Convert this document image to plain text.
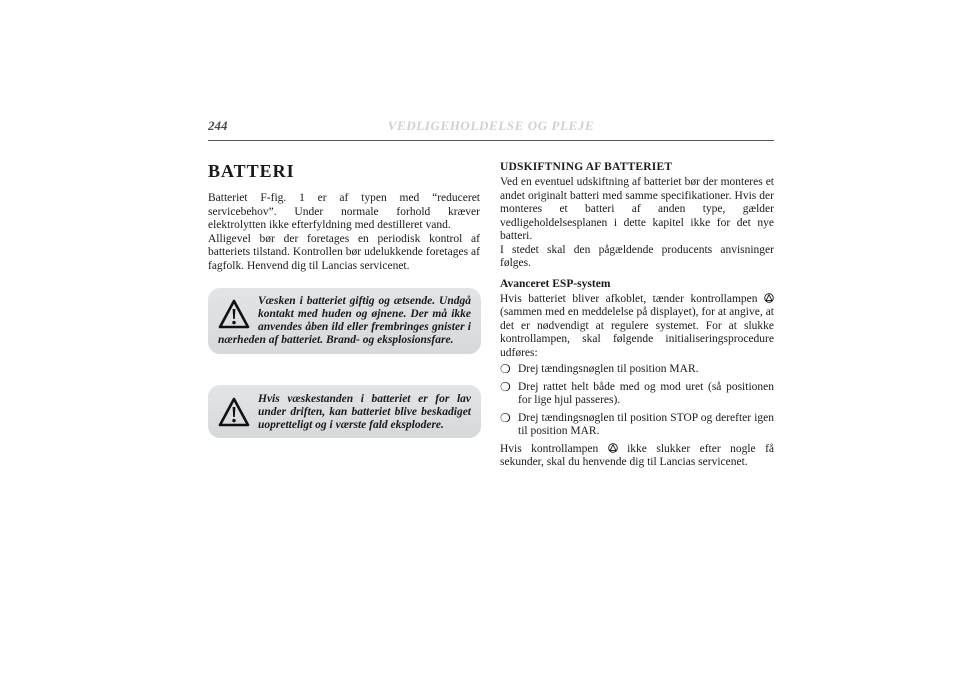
244	VEDLIGEHOLDELSE OG PLEJE
BATTERI

Batteriet F-fig. 1 er af typen med “reduceret servicebehov”. Under normale forhold kræver elektrolytten ikke efterfyldning med destilleret vand.

Alligevel bør der foretages en periodisk kontrol af batteriets tilstand. Kontrollen bør udelukkende foretages af fagfolk. Henvend dig til Lancias servicenet.

Væsken i batteriet giftig og ætsende. Undgå kontakt med huden og øjnene. Der må ikke anvendes åben ild eller frembringes gnister i nærheden af batteriet. Brand- og eksplosionsfare.

Hvis væskestanden i batteriet er for lav under driften, kan batteriet blive beskadiget uopretteligt og i værste fald eksplodere.

UDSKIFTNING AF BATTERIET

Ved en eventuel udskiftning af batteriet bør der monteres et andet originalt batteri med samme specifikationer. Hvis der monteres et batteri af anden type, gælder vedligeholdelsesplanen i dette kapitel ikke for det nye batteri.

I stedet skal den pågældende producents anvisninger følges.

Avanceret ESP-system

Hvis batteriet bliver afkoblet, tænder kontrollampen  (sammen med en meddelelse på displayet), for at angive, at det er nødvendigt at regulere systemet. For at slukke kontrollampen, skal følgende initialiseringsprocedure udføres:

❍ Drej tændingsnøglen til position MAR.
❍ Drej rattet helt både med og mod uret (så positionen for lige hjul passeres).
❍ Drej tændingsnøglen til position STOP og derefter igen til position MAR.

Hvis kontrollampen	ikke slukker efter nogle få sekunder, skal du henvende dig til Lancias servicenet.
